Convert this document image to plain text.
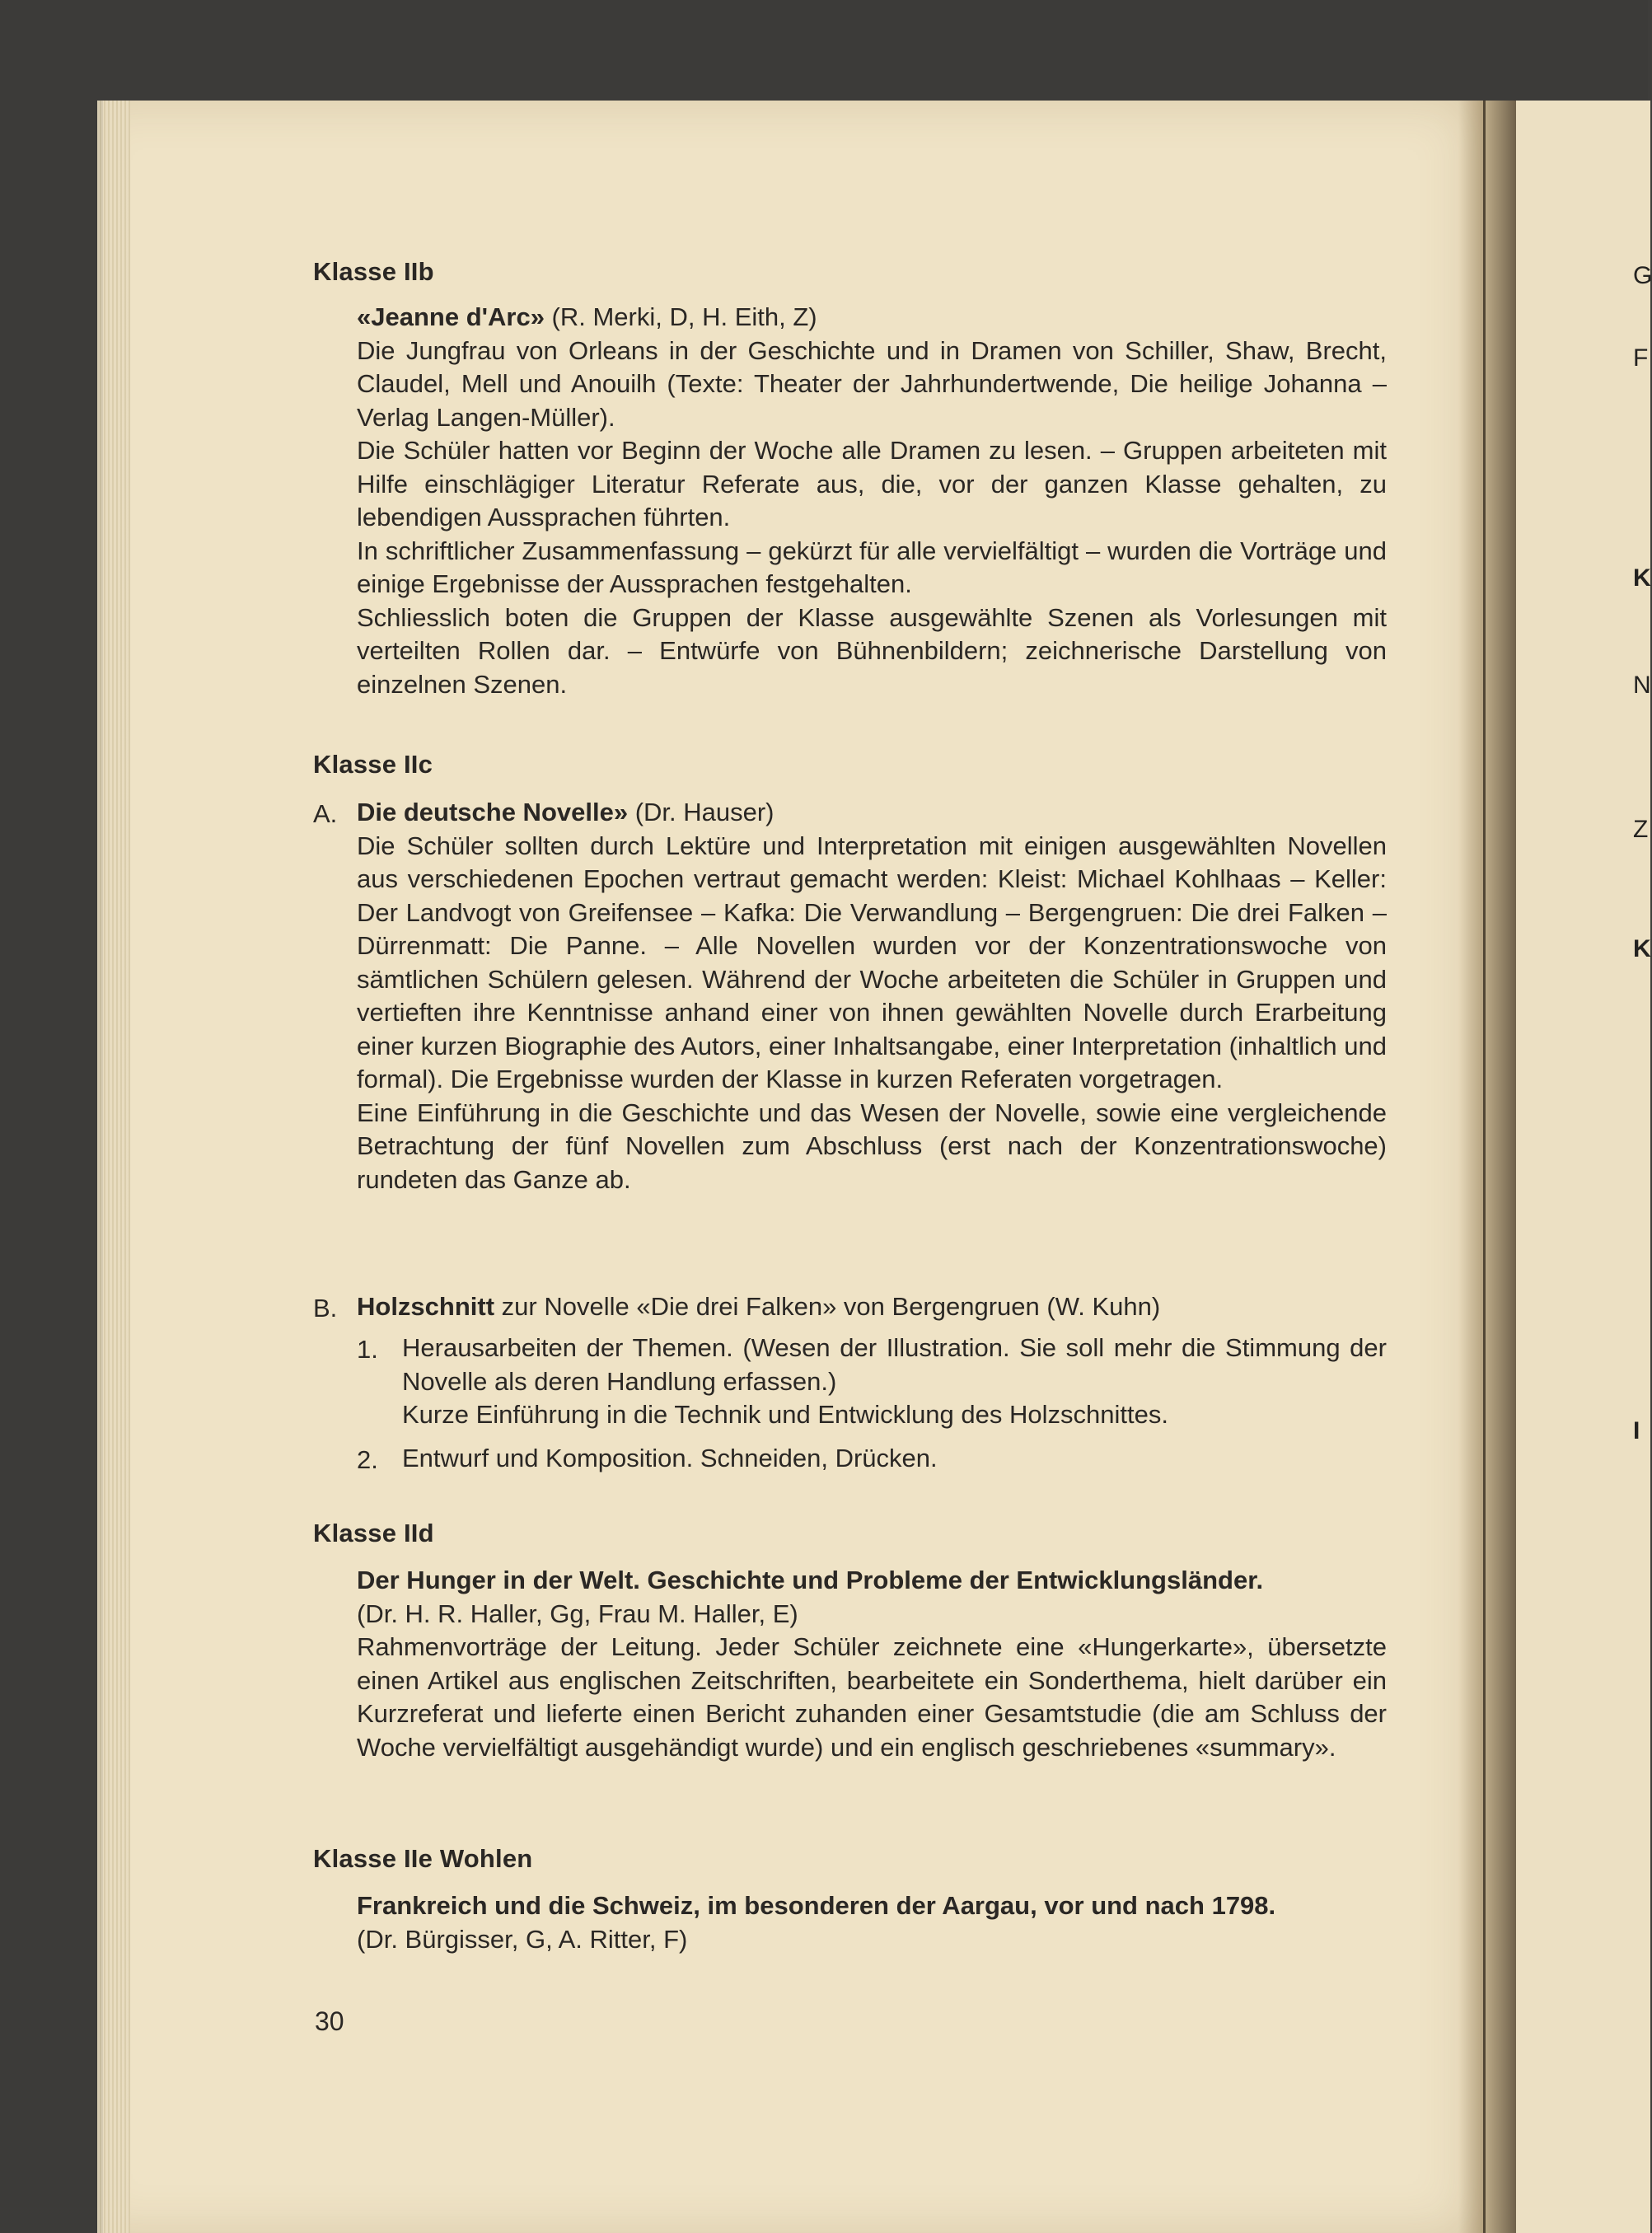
G
F
K
N
Z
K
I
Klasse IIb

«Jeanne d'Arc» (R. Merki, D, H. Eith, Z)

Die Jungfrau von Orleans in der Geschichte und in Dramen von Schiller, Shaw, Brecht, Claudel, Mell und Anouilh (Texte: Theater der Jahrhundertwende, Die heilige Johanna – Verlag Langen-Müller).

Die Schüler hatten vor Beginn der Woche alle Dramen zu lesen. – Gruppen arbeiteten mit Hilfe einschlägiger Literatur Referate aus, die, vor der ganzen Klasse gehalten, zu lebendigen Aussprachen führten.

In schriftlicher Zusammenfassung – gekürzt für alle vervielfältigt – wurden die Vorträge und einige Ergebnisse der Aussprachen festgehalten.

Schliesslich boten die Gruppen der Klasse ausgewählte Szenen als Vorlesungen mit verteilten Rollen dar. – Entwürfe von Bühnenbildern; zeichnerische Darstellung von einzelnen Szenen.

Klasse IIc
A. Die deutsche Novelle» (Dr. Hauser)

Die Schüler sollten durch Lektüre und Interpretation mit einigen ausgewählten Novellen aus verschiedenen Epochen vertraut gemacht werden: Kleist: Michael Kohlhaas – Keller: Der Landvogt von Greifensee – Kafka: Die Verwandlung – Bergengruen: Die drei Falken – Dürrenmatt: Die Panne. – Alle Novellen wurden vor der Konzentrationswoche von sämtlichen Schülern gelesen. Während der Woche arbeiteten die Schüler in Gruppen und vertieften ihre Kenntnisse anhand einer von ihnen gewählten Novelle durch Erarbeitung einer kurzen Biographie des Autors, einer Inhaltsangabe, einer Interpretation (inhaltlich und formal). Die Ergebnisse wurden der Klasse in kurzen Referaten vorgetragen.

Eine Einführung in die Geschichte und das Wesen der Novelle, sowie eine vergleichende Betrachtung der fünf Novellen zum Abschluss (erst nach der Konzentrationswoche) rundeten das Ganze ab.

B. Holzschnitt zur Novelle «Die drei Falken» von Bergengruen (W. Kuhn)

1. Herausarbeiten der Themen. (Wesen der Illustration. Sie soll mehr die Stimmung der Novelle als deren Handlung erfassen.)

Kurze Einführung in die Technik und Entwicklung des Holzschnittes.

2. Entwurf und Komposition. Schneiden, Drücken.

Klasse IId

Der Hunger in der Welt. Geschichte und Probleme der Entwicklungsländer.

(Dr. H. R. Haller, Gg, Frau M. Haller, E)

Rahmenvorträge der Leitung. Jeder Schüler zeichnete eine «Hungerkarte», übersetzte einen Artikel aus englischen Zeitschriften, bearbeitete ein Sonderthema, hielt darüber ein Kurzreferat und lieferte einen Bericht zuhanden einer Gesamtstudie (die am Schluss der Woche vervielfältigt ausgehändigt wurde) und ein englisch geschriebenes «summary».

Klasse IIe Wohlen

Frankreich und die Schweiz, im besonderen der Aargau, vor und nach 1798.

(Dr. Bürgisser, G, A. Ritter, F)

30
